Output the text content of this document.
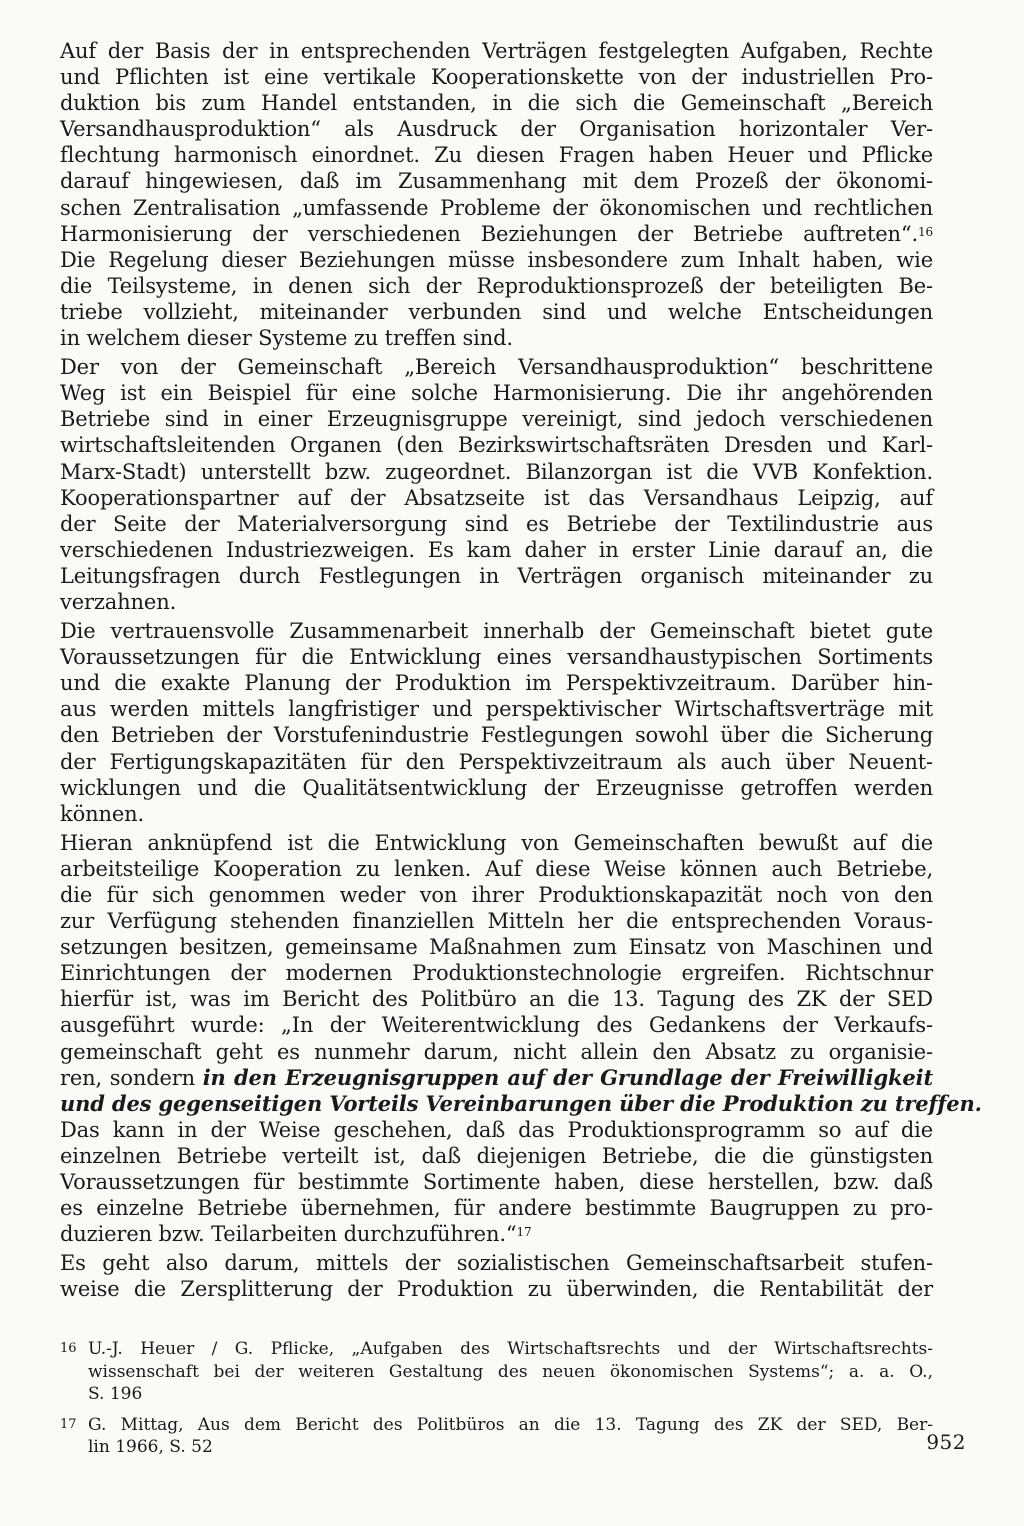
Auf der Basis der in entsprechenden Verträgen festgelegten Aufgaben, Rechte
und Pflichten ist eine vertikale Kooperationskette von der industriellen Pro-
duktion bis zum Handel entstanden, in die sich die Gemeinschaft „Bereich
Versandhausproduktion“ als Ausdruck der Organisation horizontaler Ver-
flechtung harmonisch einordnet. Zu diesen Fragen haben Heuer und Pflicke
darauf hingewiesen, daß im Zusammenhang mit dem Prozeß der ökonomi-
schen Zentralisation „umfassende Probleme der ökonomischen und rechtlichen
Harmonisierung der verschiedenen Beziehungen der Betriebe auftreten“.$^{16}$
Die Regelung dieser Beziehungen müsse insbesondere zum Inhalt haben, wie
die Teilsysteme, in denen sich der Reproduktionsprozeß der beteiligten Be-
triebe vollzieht, miteinander verbunden sind und welche Entscheidungen
in welchem dieser Systeme zu treffen sind.
Der von der Gemeinschaft „Bereich Versandhausproduktion“ beschrittene
Weg ist ein Beispiel für eine solche Harmonisierung. Die ihr angehörenden
Betriebe sind in einer Erzeugnisgruppe vereinigt, sind jedoch verschiedenen
wirtschaftsleitenden Organen (den Bezirkswirtschaftsräten Dresden und Karl-
Marx-Stadt) unterstellt bzw. zugeordnet. Bilanzorgan ist die VVB Konfektion.
Kooperationspartner auf der Absatzseite ist das Versandhaus Leipzig, auf
der Seite der Materialversorgung sind es Betriebe der Textilindustrie aus
verschiedenen Industriezweigen. Es kam daher in erster Linie darauf an, die
Leitungsfragen durch Festlegungen in Verträgen organisch miteinander zu
verzahnen.
Die vertrauensvolle Zusammenarbeit innerhalb der Gemeinschaft bietet gute
Voraussetzungen für die Entwicklung eines versandhaustypischen Sortiments
und die exakte Planung der Produktion im Perspektivzeitraum. Darüber hin-
aus werden mittels langfristiger und perspektivischer Wirtschaftsverträge mit
den Betrieben der Vorstufenindustrie Festlegungen sowohl über die Sicherung
der Fertigungskapazitäten für den Perspektivzeitraum als auch über Neuent-
wicklungen und die Qualitätsentwicklung der Erzeugnisse getroffen werden
können.
Hieran anknüpfend ist die Entwicklung von Gemeinschaften bewußt auf die
arbeitsteilige Kooperation zu lenken. Auf diese Weise können auch Betriebe,
die für sich genommen weder von ihrer Produktionskapazität noch von den
zur Verfügung stehenden finanziellen Mitteln her die entsprechenden Voraus-
setzungen besitzen, gemeinsame Maßnahmen zum Einsatz von Maschinen und
Einrichtungen der modernen Produktionstechnologie ergreifen. Richtschnur
hierfür ist, was im Bericht des Politbüro an die 13. Tagung des ZK der SED
ausgeführt wurde: „In der Weiterentwicklung des Gedankens der Verkaufs-
gemeinschaft geht es nunmehr darum, nicht allein den Absatz zu organisie-
ren, sondern in den Erzeugnisgruppen auf der Grundlage der Freiwilligkeit
und des gegenseitigen Vorteils Vereinbarungen über die Produktion zu treffen.
Das kann in der Weise geschehen, daß das Produktionsprogramm so auf die
einzelnen Betriebe verteilt ist, daß diejenigen Betriebe, die die günstigsten
Voraussetzungen für bestimmte Sortimente haben, diese herstellen, bzw. daß
es einzelne Betriebe übernehmen, für andere bestimmte Baugruppen zu pro-
duzieren bzw. Teilarbeiten durchzuführen.“$^{17}$
Es geht also darum, mittels der sozialistischen Gemeinschaftsarbeit stufen-
weise die Zersplitterung der Produktion zu überwinden, die Rentabilität der
16 U.-J. Heuer / G. Pflicke, „Aufgaben des Wirtschaftsrechts und der Wirtschaftsrechts-
wissenschaft bei der weiteren Gestaltung des neuen ökonomischen Systems“; a. a. O.,
S. 196
17 G. Mittag, Aus dem Bericht des Politbüros an die 13. Tagung des ZK der SED, Ber-
lin 1966, S. 52	952
